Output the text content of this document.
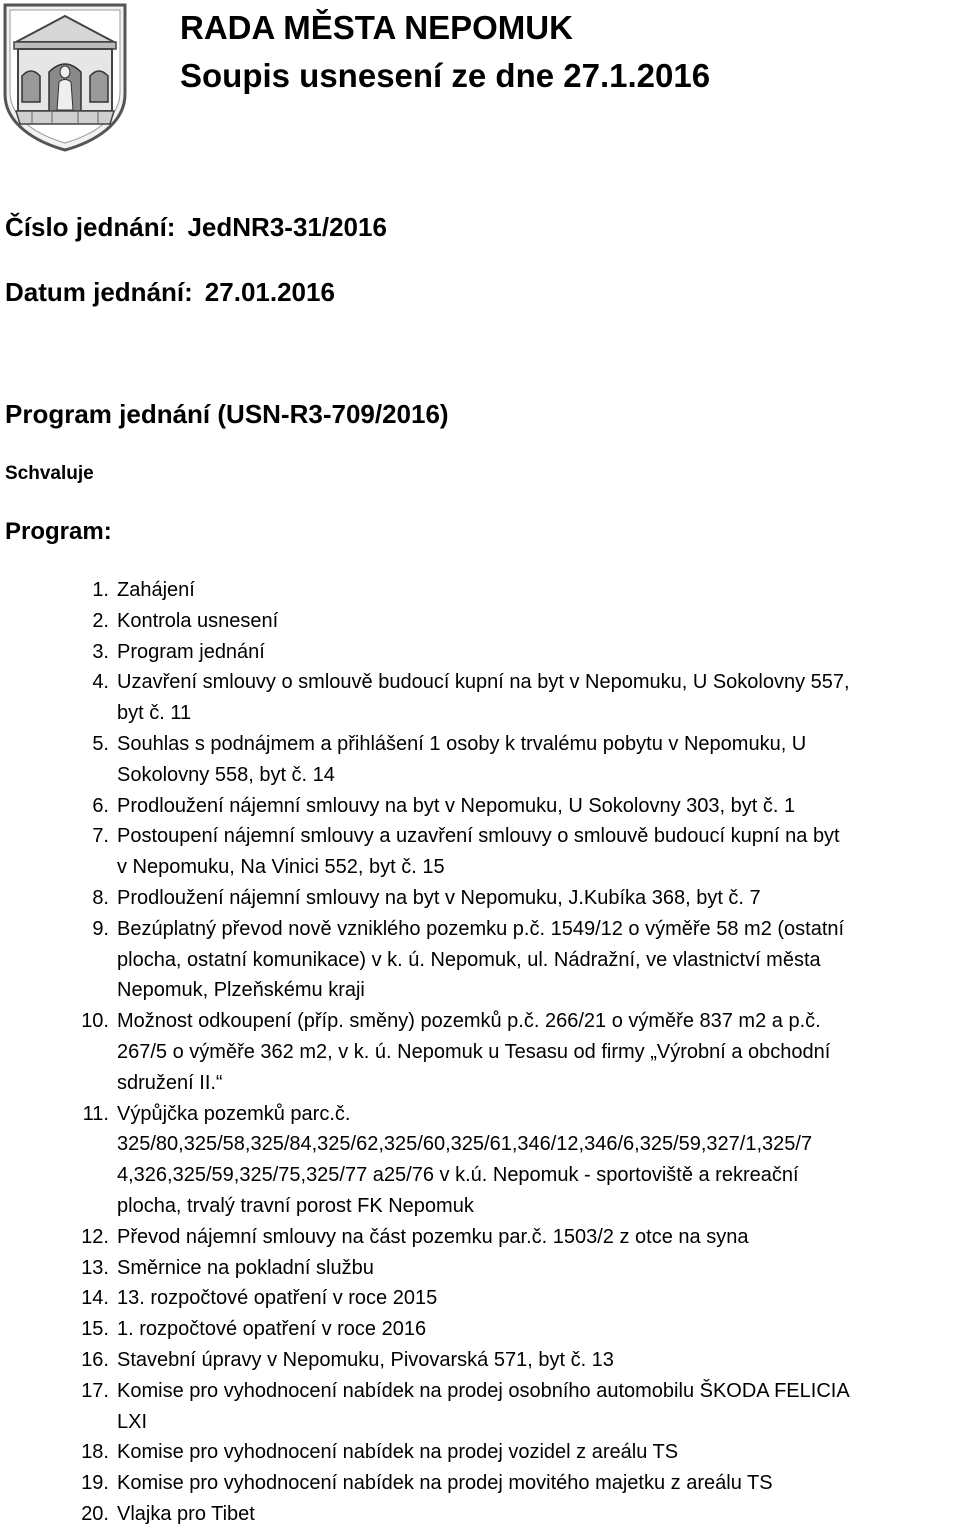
RADA MĚSTA NEPOMUK
Soupis usnesení ze dne 27.1.2016
Číslo jednání: JedNR3-31/2016
Datum jednání: 27.01.2016
Program jednání (USN-R3-709/2016)
Schvaluje
Program:
1. Zahájení
2. Kontrola usnesení
3. Program jednání
4. Uzavření smlouvy o smlouvě budoucí kupní na byt v Nepomuku, U Sokolovny 557,
byt č. 11
5. Souhlas s podnájmem a přihlášení 1 osoby k trvalému pobytu v Nepomuku, U
Sokolovny 558, byt č. 14
6. Prodloužení nájemní smlouvy na byt v Nepomuku, U Sokolovny 303, byt č. 1
7. Postoupení nájemní smlouvy a uzavření smlouvy o smlouvě budoucí kupní na byt
v Nepomuku, Na Vinici 552, byt č. 15
8. Prodloužení nájemní smlouvy na byt v Nepomuku, J.Kubíka 368, byt č. 7
9. Bezúplatný převod nově vzniklého pozemku p.č. 1549/12 o výměře 58 m2 (ostatní
plocha, ostatní komunikace) v k. ú. Nepomuk, ul. Nádražní, ve vlastnictví města
Nepomuk, Plzeňskému kraji
10. Možnost odkoupení (příp. směny) pozemků p.č. 266/21 o výměře 837 m2 a p.č.
267/5 o výměře 362 m2, v k. ú. Nepomuk u Tesasu od firmy „Výrobní a obchodní
sdružení II.“
11. Výpůjčka pozemků parc.č.
325/80,325/58,325/84,325/62,325/60,325/61,346/12,346/6,325/59,327/1,325/7
4,326,325/59,325/75,325/77 a25/76 v k.ú. Nepomuk - sportoviště a rekreační
plocha, trvalý travní porost FK Nepomuk
12. Převod nájemní smlouvy na část pozemku par.č. 1503/2 z otce na syna
13. Směrnice na pokladní službu
14. 13. rozpočtové opatření v roce 2015
15. 1. rozpočtové opatření v roce 2016
16. Stavební úpravy v Nepomuku, Pivovarská 571, byt č. 13
17. Komise pro vyhodnocení nabídek na prodej osobního automobilu ŠKODA FELICIA
LXI
18. Komise pro vyhodnocení nabídek na prodej vozidel z areálu TS
19. Komise pro vyhodnocení nabídek na prodej movitého majetku z areálu TS
20. Vlajka pro Tibet
